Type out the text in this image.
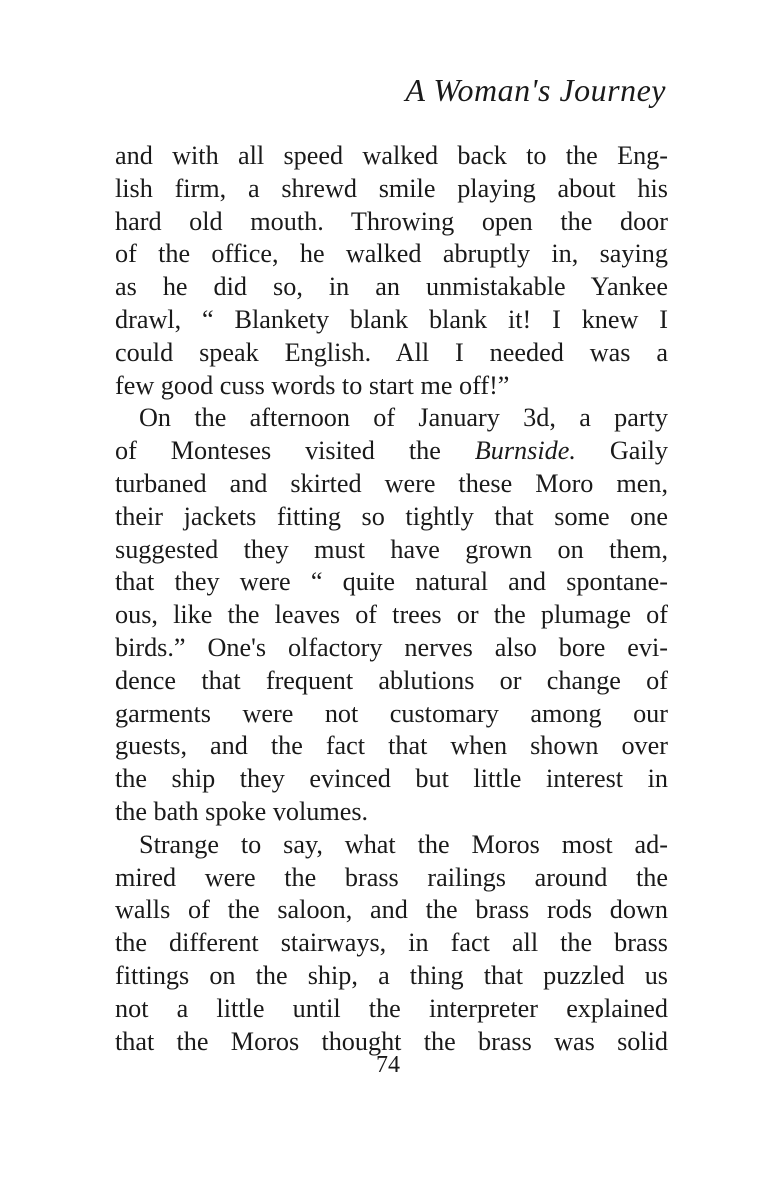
A Woman's Journey
and with all speed walked back to the Eng-
lish firm, a shrewd smile playing about his
hard old mouth. Throwing open the door
of the office, he walked abruptly in, saying
as he did so, in an unmistakable Yankee
drawl, “ Blankety blank blank it! I knew I
could speak English. All I needed was a
few good cuss words to start me off!”
On the afternoon of January 3d, a party
of Monteses visited the Burnside. Gaily
turbaned and skirted were these Moro men,
their jackets fitting so tightly that some one
suggested they must have grown on them,
that they were “ quite natural and spontane-
ous, like the leaves of trees or the plumage of
birds.” One's olfactory nerves also bore evi-
dence that frequent ablutions or change of
garments were not customary among our
guests, and the fact that when shown over
the ship they evinced but little interest in
the bath spoke volumes.
Strange to say, what the Moros most ad-
mired were the brass railings around the
walls of the saloon, and the brass rods down
the different stairways, in fact all the brass
fittings on the ship, a thing that puzzled us
not a little until the interpreter explained
that the Moros thought the brass was solid
74
